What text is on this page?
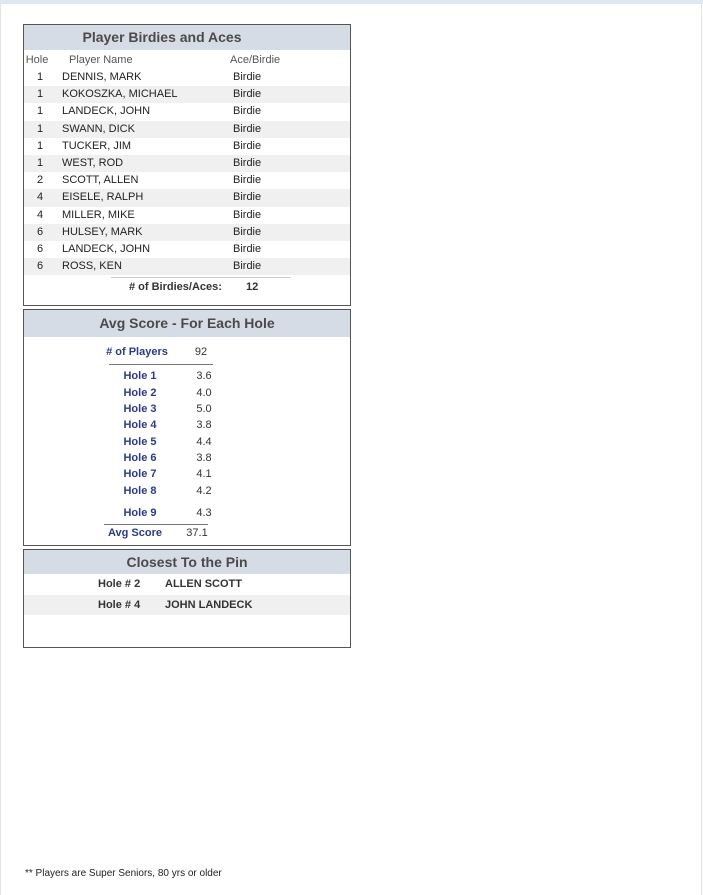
Player Birdies and Aces
Hole Player Name	Ace/Birdie
1	DENNIS, MARK	Birdie
1	KOKOSZKA, MICHAEL	Birdie
1	LANDECK, JOHN	Birdie
1	SWANN, DICK	Birdie
1	TUCKER, JIM	Birdie
1	WEST, ROD	Birdie
2	SCOTT, ALLEN	Birdie
4	EISELE, RALPH	Birdie
4	MILLER, MIKE	Birdie
6	HULSEY, MARK	Birdie
6	LANDECK, JOHN	Birdie
6	ROSS, KEN	Birdie
# of Birdies/Aces: 12
Avg Score - For Each Hole
# of Players	92
Hole 1	3.6
Hole 2	4.0
Hole 3	5.0
Hole 4	3.8
Hole 5	4.4
Hole 6	3.8
Hole 7	4.1
Hole 8	4.2
Hole 9	4.3
Avg Score	37.1
Closest To the Pin
Hole # 2 ALLEN SCOTT
Hole # 4 JOHN LANDECK
** Players are Super Seniors, 80 yrs or older
